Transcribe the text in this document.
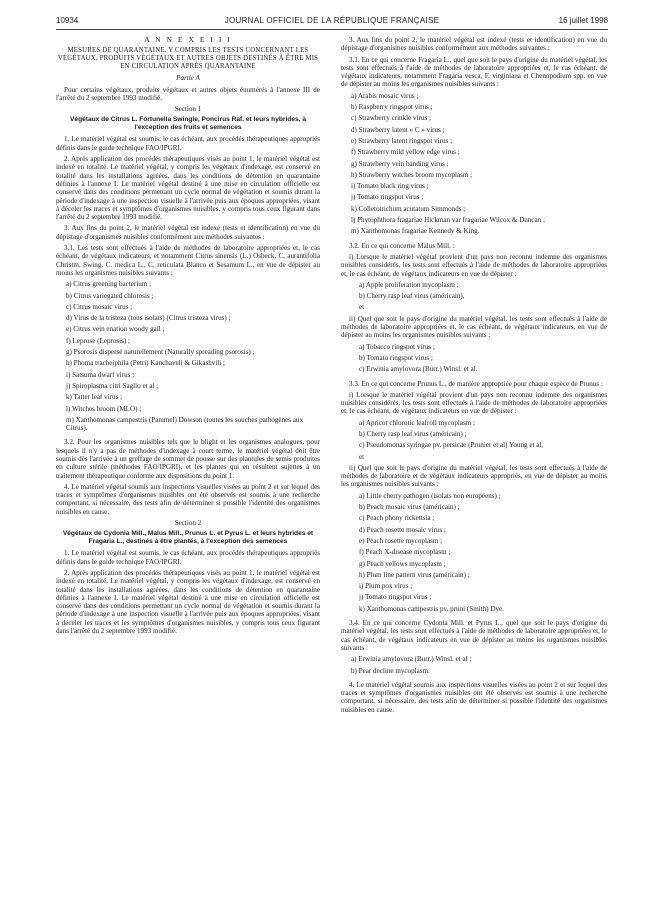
10934	JOURNAL OFFICIEL DE LA RÉPUBLIQUE FRANÇAISE	16 juillet 1998

A N N E X E I I I

MESURES DE QUARANTAINE, Y COMPRIS LES TESTS CONCERNANT LES VÉGÉTAUX, PRODUITS VÉGÉTAUX ET AUTRES OBJETS DESTINÉS À ÊTRE MIS EN CIRCULATION APRÈS QUARANTAINE

Partie A

Pour certains végétaux, produits végétaux et autres objets énumérés à l'annexe III de l'arrêté du 2 septembre 1993 modifié.

Section 1

Végétaux de Citrus L. Fortunella Swingle, Poncirus Raf. et leurs hybrides, à l'exception des fruits et semences

1. Le matériel végétal est soumis, le cas échéant, aux procédés thérapeutiques appropriés définis dans le guide technique FAO/IPGRI.

2. Après application des procédés thérapeutiques visés au point 1, le matériel végétal est indexé en totalité. Le matériel végétal, y compris les végétaux d'indexage, est conservé en totalité dans les installations agréées, dans les conditions de détention en quarantaine définies à l'annexe I. Le matériel végétal destiné à une mise en circulation officielle est conservé dans des conditions permettant un cycle normal de végétation et soumis durant la période d'indexage à une inspection visuelle à l'arrivée puis aux époques appropriées, visant à déceler les traces et symptômes d'organismes nuisibles, y compris tous ceux figurant dans l'arrêté du 2 septembre 1993 modifié.

3. Aux fins du point 2, le matériel végétal est indexé (tests et identification) en vue du dépistage d'organismes nuisibles conformément aux méthodes suivantes :

3.1. Les tests sont effectués à l'aide de méthodes de laboratoire appropriées et, le cas échéant, de végétaux indicateurs, et notamment Citrus sinensis (L.) Osbeck, C. aurantifolia Christm. Swing, C. medica L., C. reticulata Blanco et Sesamum L., en vue de dépister au moins les organismes nuisibles suivants :

a) Citrus greening bacterium ;

b) Citrus variegated chlorosis ;

c) Citrus mosaic virus ;

d) Virus de la tristeza (tous isolats) (Citrus tristeza virus) ;

e) Citrus vein enation woody gall ;

f) Leprose (Leprosis) ;

g) Psorosis dispersé naturellement (Naturally spreading psorosis) ;

h) Phoma tracheiphila (Petri) Kanchaveli & Gikashvili ;

i) Satsuma dwarf virus ;

j) Spiroplasma citri Saglio et al ;

k) Tatter leaf virus ;

l) Witches broom (MLO) ;

m) Xanthomonas campestris (Pammel) Dowson (toutes les souches pathogènes aux Citrus).

3.2. Pour les organismes nuisibles tels que le blight et les organismes analogues, pour lesquels il n'y a pas de méthodes d'indexage à court terme, le matériel végétal doit être soumis dès l'arrivée à un greffage de sommet de pousse sur des plantules de semis produites en culture stérile (méthodes FAO/IPGRI), et les plantes qui en résultent sujettes à un traitement thérapeutique conforme aux dispositions du point 1.

4. Le matériel végétal soumis aux inspections visuelles visées au point 2 et sur lequel des traces et symptômes d'organismes nuisibles ont été observés est soumis à une recherche comportant, si nécessaire, des tests afin de déterminer si possible l'identité des organismes nuisibles en cause.

Section 2

Végétaux de Cydonia Mill., Malus Mill., Prunus L. et Pyrus L. et leurs hybrides et Fragaria L., destinés à être plantés, à l'exception des semences

1. Le matériel végétal est soumis, le cas échéant, aux procédés thérapeutiques appropriés définis dans le guide technique FAO/IPGRI.

2. Après application des procédés thérapeutiques visés au point 1, le matériel végétal est indexé en totalité. Le matériel végétal, y compris les végétaux d'indexage, est conservé en totalité dans les installations agréées, dans les conditions de détention en quarantaine définies à l'annexe I. Le matériel végétal destiné à une mise en circulation officielle est conservé dans des conditions permettant un cycle normal de végétation et soumis durant la période d'indexage à une inspection visuelle à l'arrivée puis aux époques appropriées, visant à déceler les traces et les symptômes d'organismes nuisibles, y compris tous ceux figurant dans l'arrêté du 2 septembre 1993 modifié.

3. Aux fins du point 2, le matériel végétal est indexé (tests et identification) en vue du dépistage d'organismes nuisibles conformément aux méthodes suivantes :

3.1. En ce qui concerne Fragaria L., quel que soit le pays d'origine du matériel végétal, les tests sont effectués à l'aide de méthodes de laboratoire appropriées et, le cas échéant, de végétaux indicateurs, notamment Fragaria vesca, F. virginiana et Chenopodium spp. en vue de dépister au moins les organismes nuisibles suivants :

a) Arabis mosaic virus ;

b) Raspberry ringspot virus ;

c) Strawberry crinkle virus ;

d) Strawberry latent « C » virus ;

e) Strawberry latent ringspot virus ;

f) Strawberry mild yellow edge virus ;

g) Strawberry vein banding virus ;

h) Strawberry witches broom mycoplasm ;

i) Tomato black ring virus ;

j) Tomato ringspot virus ;

k) Colletotrichum acutatum Simmonds ;

l) Phytophthora fragariae Hickman var fragariae Wilcox & Duncan ;

m) Xanthomonas fragariae Kennedy & King.

3.2. En ce qui concerne Malus Mill. :

i) Lorsque le matériel végétal provient d'un pays non reconnu indemne des organismes nuisibles considérés, les tests sont effectués à l'aide de méthodes de laboratoire appropriées et, le cas échéant, de végétaux indicateurs en vue de dépister :

a) Apple proliferation mycoplasm ;

b) Cherry rasp leaf virus (américain),

et

ii) Quel que soit le pays d'origine du matériel végétal, les tests sont effectués à l'aide de méthodes de laboratoire appropriées et, le cas échéant, de végétaux indicateurs, en vue de dépister au moins les organismes nuisibles suivants :

a) Tobacco ringspot virus ;

b) Tomato ringspot virus ;

c) Erwinia amylovora (Burr.) Winsl. et al.

3.3. En ce qui concerne Prunus L., de manière appropriée pour chaque espèce de Prunus :

i) Lorsque le matériel végétal provient d'un pays non reconnu indemne des organismes nuisibles considérés, les tests sont effectués à l'aide de méthodes de laboratoire appropriées et, le cas échéant, de végétaux indicateurs en vue de dépister :

a) Apricot chlorotic leafroll mycoplasm ;

b) Cherry rasp leaf virus (américain) ;

c) Pseudomonas syringae pv. persicae (Prunier et al) Young et al,

et

ii) Quel que soit le pays d'origine du matériel végétal, les tests sont effectués à l'aide de méthodes de laboratoire et de végétaux indicateurs appropriés, en vue de dépister au moins les organismes nuisibles suivants :

a) Little cherry pathogen (isolats non européens) ;

b) Peach mosaic virus (américain) ;

c) Peach phony rickettsia ;

d) Peach rosette mosaic virus ;

e) Peach rosette mycoplasm ;

f) Peach X-disease mycoplasm ;

g) Peach yellows mycoplasm ;

h) Plum line pattern virus (américain) ;

i) Plum pox virus ;

j) Tomato ringspot virus ;

k) Xanthomonas campestris pv. pruni (Smith) Dye.

3.4. En ce qui concerne Cydonia Mill. et Pyrus L., quel que soit le pays d'origine du matériel végétal, les tests sont effectués à l'aide de méthodes de laboratoire appropriées et, le cas échéant, de végétaux indicateurs en vue de dépister au moins les organismes nuisibles suivants :

a) Erwinia amylovora (Burr.) Winsl. et al ;

b) Pear decline mycoplasm.

4. Le matériel végétal soumis aux inspections visuelles visées au point 2 et sur lequel des traces et symptômes d'organismes nuisibles ont été observés est soumis à une recherche comportant, si nécessaire, des tests afin de déterminer si possible l'identité des organismes nuisibles en cause.
